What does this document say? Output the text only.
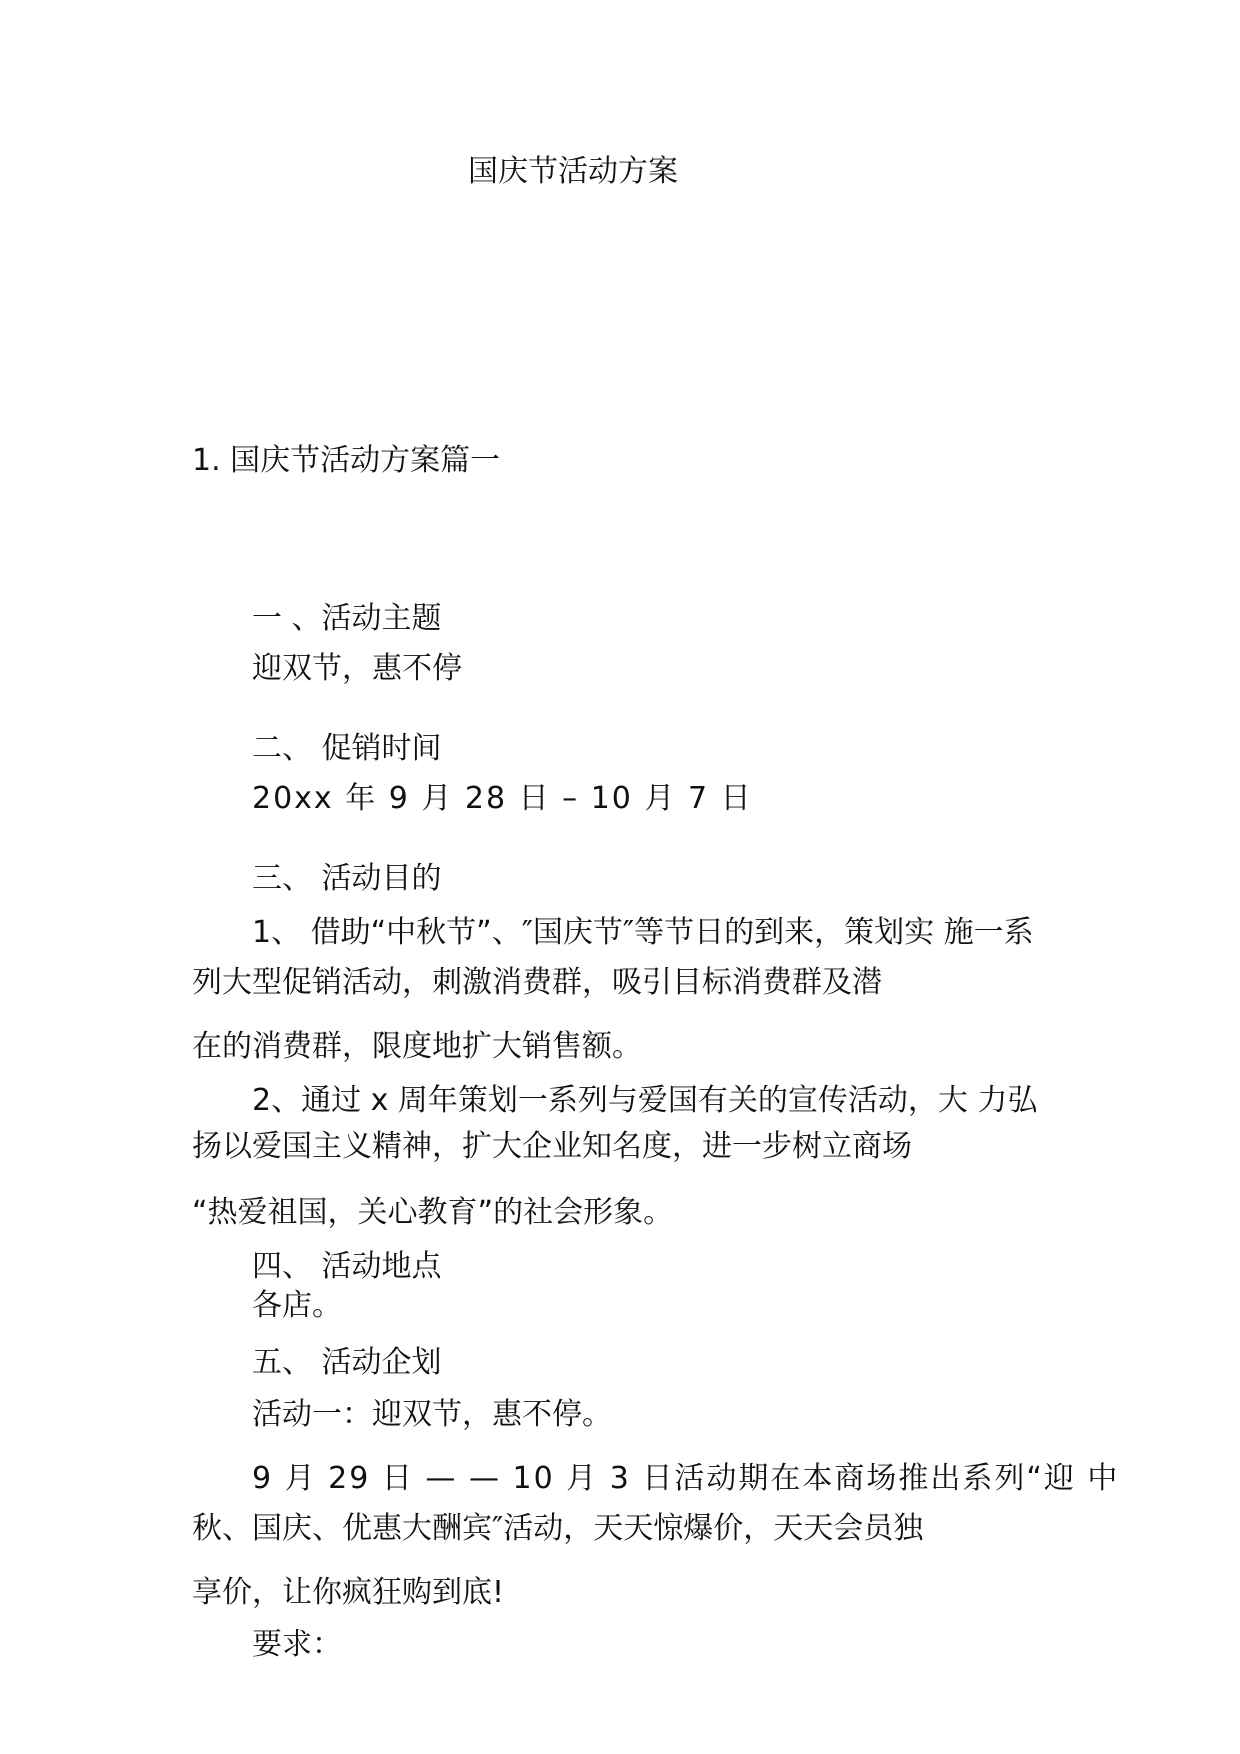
国庆节活动方案
1. 国庆节活动方案篇一
一 、活动主题
迎双节，惠不停
二、 促销时间
20xx 年 9 月 28 日 – 10 月 7 日
三、 活动目的
1、 借助“中秋节”、″国庆节″等节日的到来，策划实 施一系
列大型促销活动，刺激消费群，吸引目标消费群及潜
在的消费群，限度地扩大销售额。
2、通过 x 周年策划一系列与爱国有关的宣传活动，大 力弘
扬以爱国主义精神，扩大企业知名度，进一步树立商场
“热爱祖国，关心教育”的社会形象。
四、 活动地点
各店。
五、 活动企划
活动一：迎双节，惠不停。
9 月 29 日 — — 10 月 3 日活动期在本商场推出系列“迎 中
秋、国庆、优惠大酬宾″活动，天天惊爆价，天天会员独
享价，让你疯狂购到底!
要求：
